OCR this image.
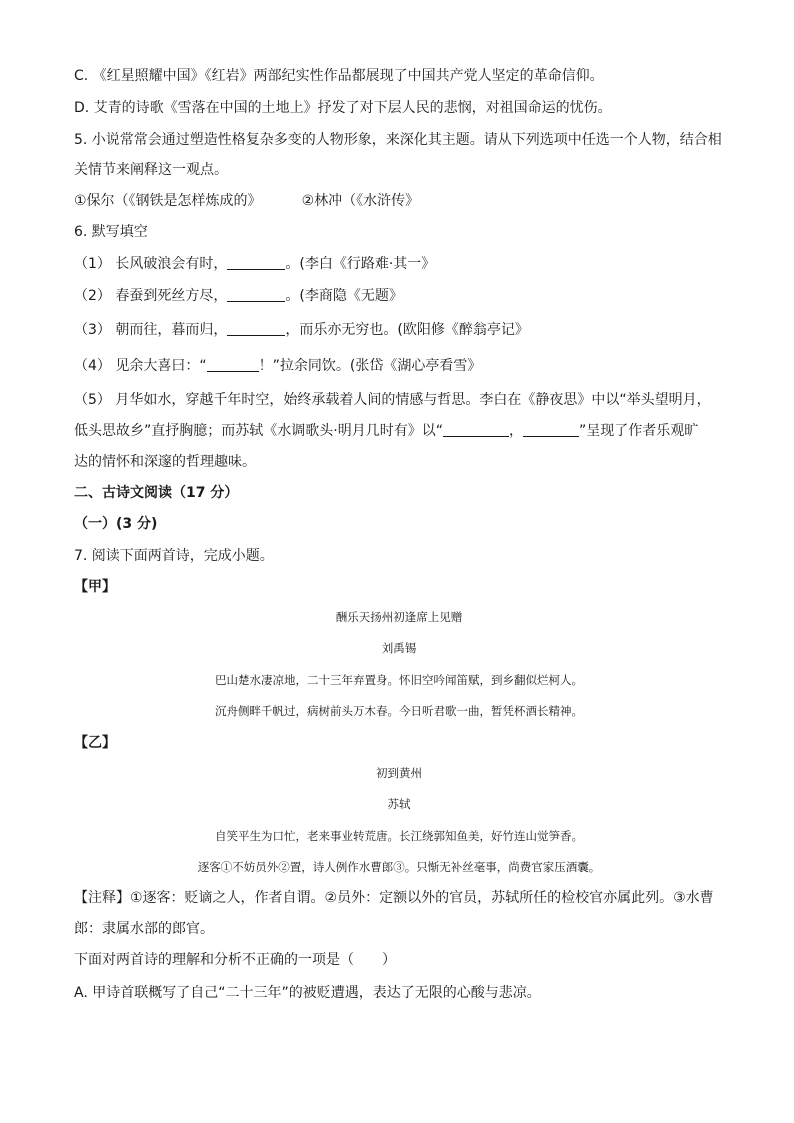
C. 《红星照耀中国》《红岩》两部纪实性作品都展现了中国共产党人坚定的革命信仰。
D. 艾青的诗歌《雪落在中国的土地上》抒发了对下层人民的悲悯，对祖国命运的忧伤。
5. 小说常常会通过塑造性格复杂多变的人物形象，来深化其主题。请从下列选项中任选一个人物，结合相
关情节来阐释这一观点。
①保尔（《钢铁是怎样炼成的》	②林冲（《水浒传》
6. 默写填空
（1） 长风破浪会有时，	。(李白《行路难·其一》
（2） 春蚕到死丝方尽，	。(李商隐《无题》
（3） 朝而往，暮而归，	，而乐亦无穷也。(欧阳修《醉翁亭记》
（4） 见余大喜曰：“	！”拉余同饮。(张岱《湖心亭看雪》
（5） 月华如水，穿越千年时空，始终承载着人间的情感与哲思。李白在《静夜思》中以“举头望明月，
低头思故乡”直抒胸臆；而苏轼《水调歌头·明月几时有》以“	，	”呈现了作者乐观旷
达的情怀和深邃的哲理趣味。
二、古诗文阅读（17 分）
（一）(3 分)
7. 阅读下面两首诗，完成小题。
【甲】
酬乐天扬州初逢席上见赠
刘禹锡
巴山楚水凄凉地，二十三年弃置身。怀旧空吟闻笛赋，到乡翻似烂柯人。
沉舟侧畔千帆过，病树前头万木春。今日听君歌一曲，暂凭杯酒长精神。
【乙】
初到黄州
苏轼
自笑平生为口忙，老来事业转荒唐。长江绕郭知鱼美，好竹连山觉笋香。
逐客①不妨员外②置，诗人例作水曹郎③。只惭无补丝毫事，尚费官家压酒囊。
【注释】①逐客：贬谪之人，作者自谓。②员外：定额以外的官员，苏轼所任的检校官亦属此列。③水曹
郎：隶属水部的郎官。
下面对两首诗的理解和分析不正确的一项是（　　）
A. 甲诗首联概写了自己“二十三年”的被贬遭遇，表达了无限的心酸与悲凉。
